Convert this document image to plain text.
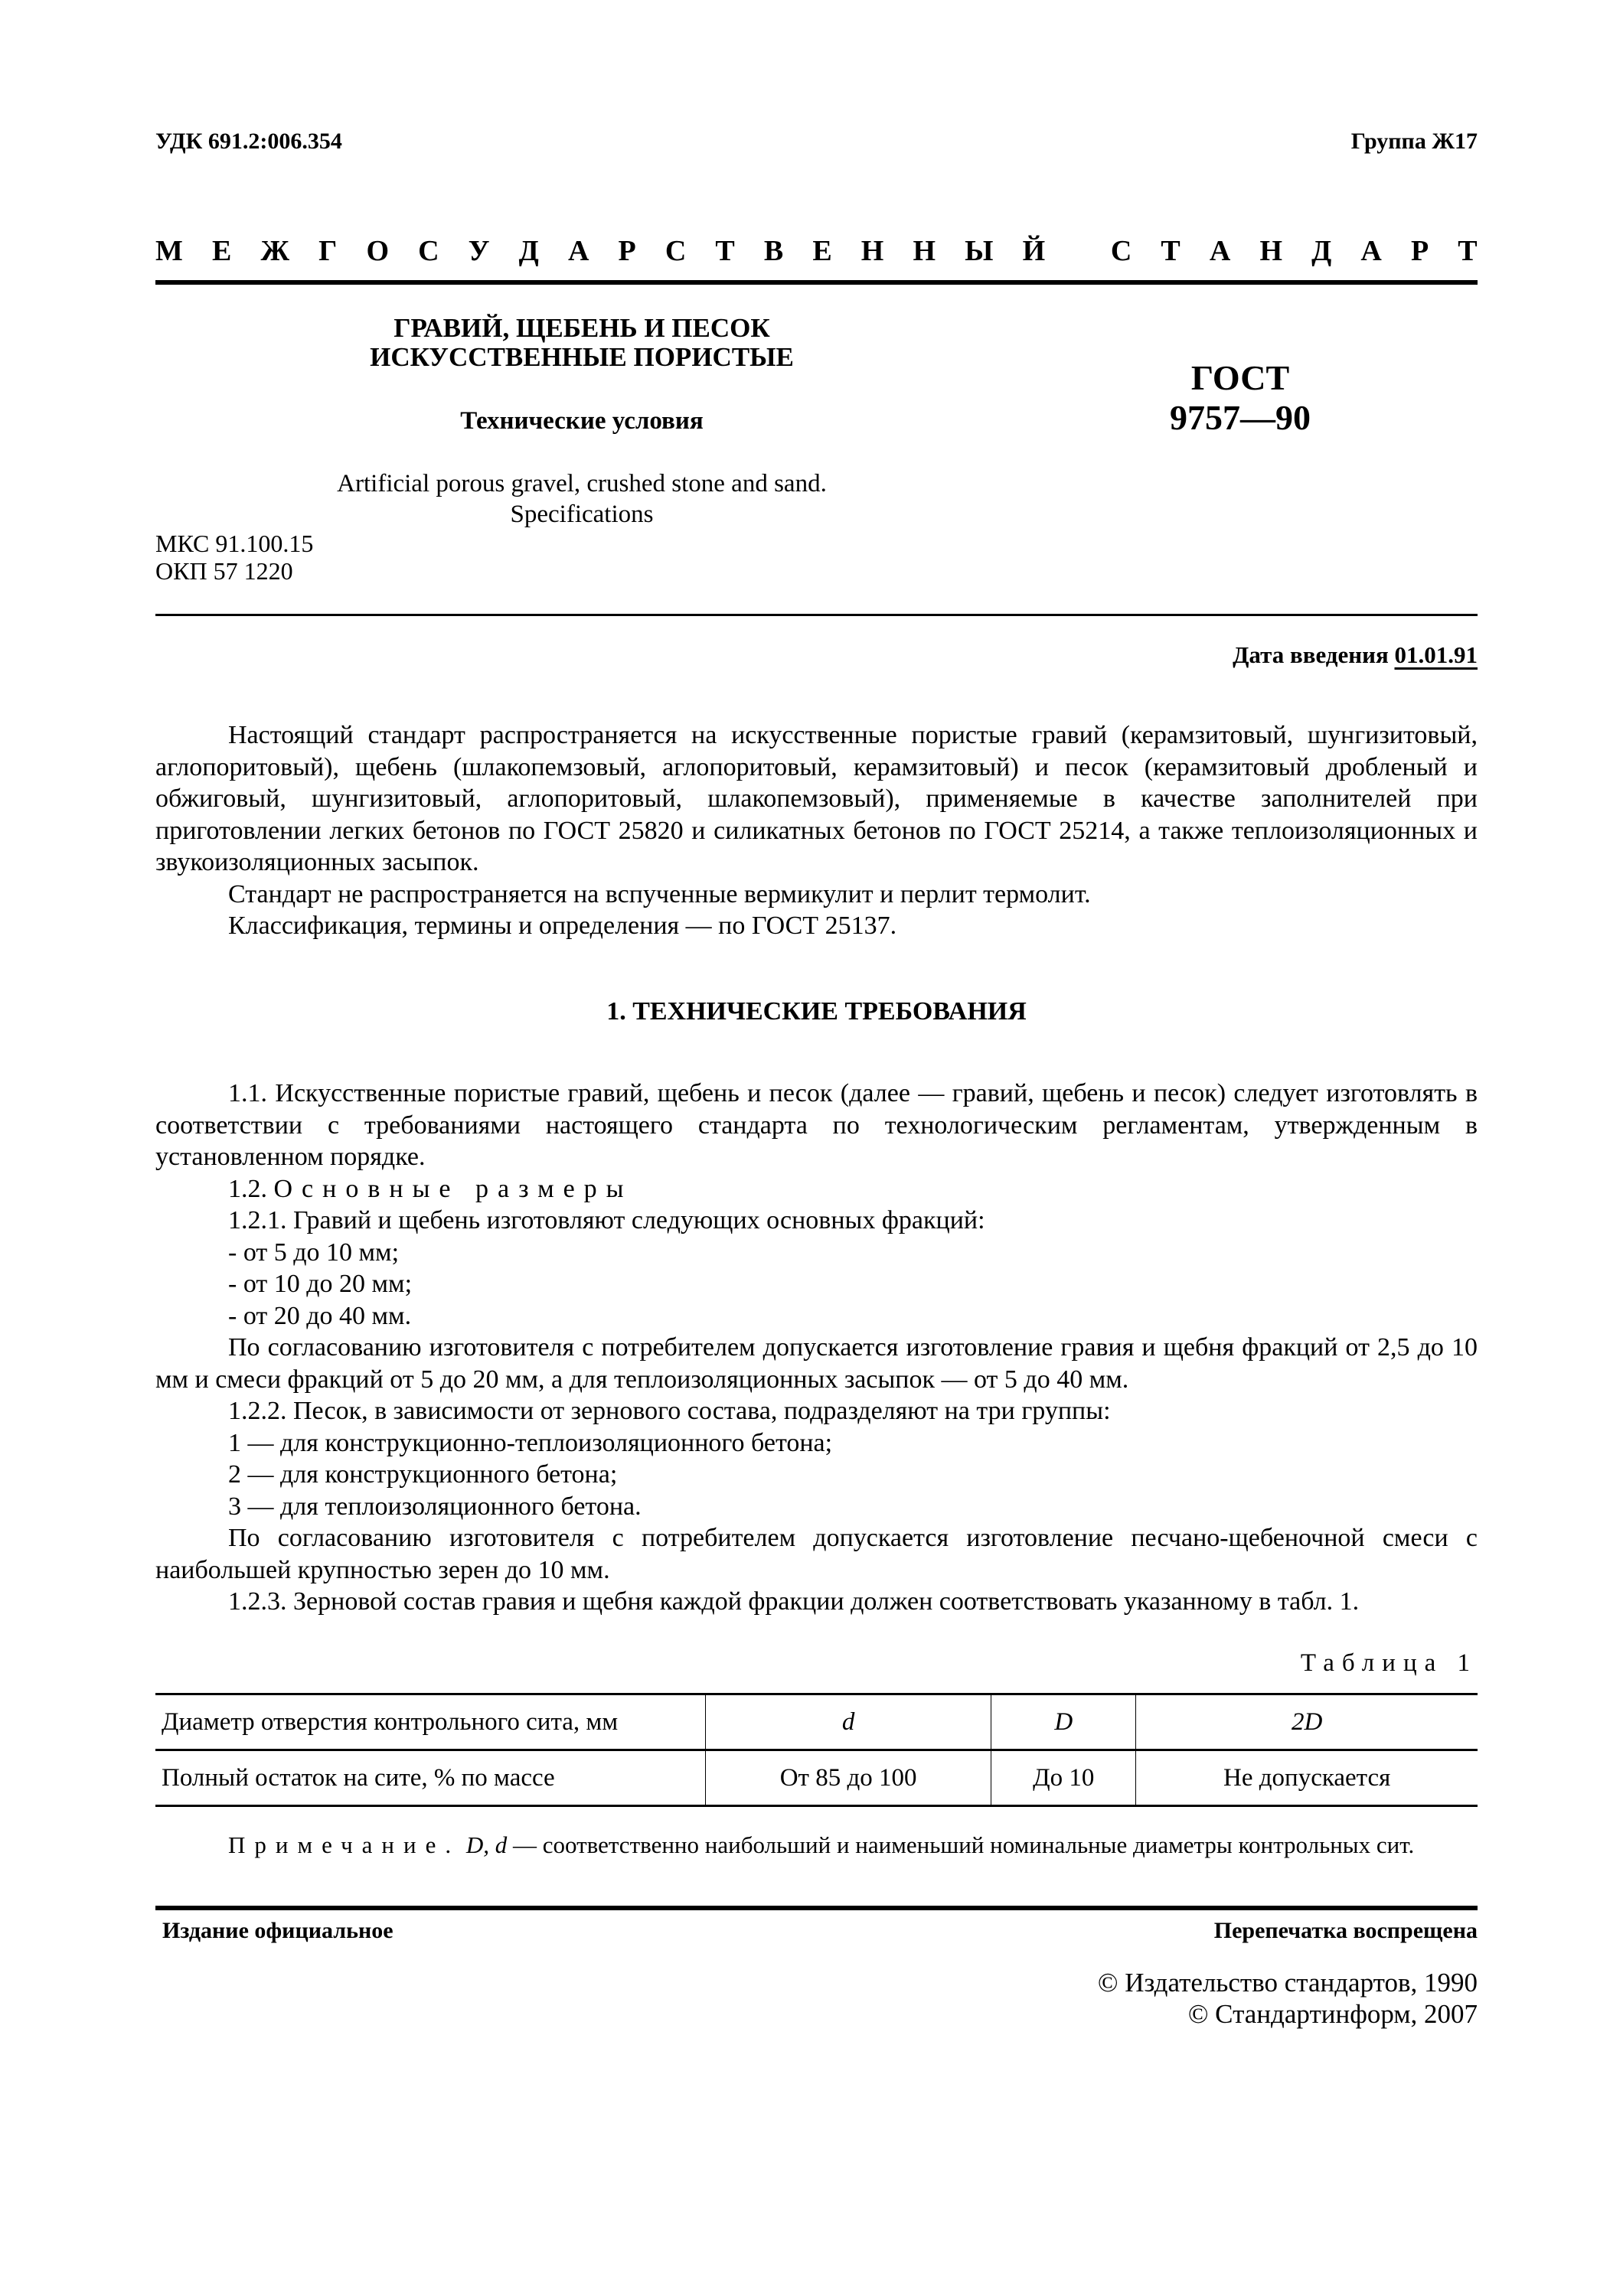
УДК 691.2:006.354	Группа Ж17
М Е Ж Г О С У Д А Р С Т В Е Н Н Ы Й
С Т А Н Д А Р Т
ГРАВИЙ, ЩЕБЕНЬ И ПЕСОК
ИСКУССТВЕННЫЕ ПОРИСТЫЕ
Технические условия
Artificial porous gravel, crushed stone and sand.
Specifications
ГОСТ
9757—90
МКС 91.100.15
ОКП 57 1220
Дата введения 01.01.91

Настоящий стандарт распространяется на искусственные пористые гравий (керамзитовый, шунгизитовый, аглопоритовый), щебень (шлакопемзовый, аглопоритовый, керамзитовый) и песок (керамзитовый дробленый и обжиговый, шунгизитовый, аглопоритовый, шлакопемзовый), применяемые в качестве заполнителей при приготовлении легких бетонов по ГОСТ 25820 и силикатных бетонов по ГОСТ 25214, а также теплоизоляционных и звукоизоляционных засыпок.

Стандарт не распространяется на вспученные вермикулит и перлит термолит.

Классификация, термины и определения — по ГОСТ 25137.

1. ТЕХНИЧЕСКИЕ ТРЕБОВАНИЯ

1.1. Искусственные пористые гравий, щебень и песок (далее — гравий, щебень и песок) следует изготовлять в соответствии с требованиями настоящего стандарта по технологическим регламентам, утвержденным в установленном порядке.

1.2. Основные размеры

1.2.1. Гравий и щебень изготовляют следующих основных фракций:

- от 5 до 10 мм;

- от 10 до 20 мм;

- от 20 до 40 мм.

По согласованию изготовителя с потребителем допускается изготовление гравия и щебня фракций от 2,5 до 10 мм и смеси фракций от 5 до 20 мм, а для теплоизоляционных засыпок — от 5 до 40 мм.

1.2.2. Песок, в зависимости от зернового состава, подразделяют на три группы:

1 — для конструкционно-теплоизоляционного бетона;

2 — для конструкционного бетона;

3 — для теплоизоляционного бетона.

По согласованию изготовителя с потребителем допускается изготовление песчано-щебеночной смеси с наибольшей крупностью зерен до 10 мм.

1.2.3. Зерновой состав гравия и щебня каждой фракции должен соответствовать указанному в табл. 1.

Таблица 1
Диаметр отверстия контрольного сита, мм	d	D	2D
Полный остаток на сите, % по массе	От 85 до 100	До 10	Не допускается

Примечание. D, d — соответственно наибольший и наименьший номинальные диаметры контрольных сит.

Издание официальное	Перепечатка воспрещена
© Издательство стандартов, 1990
© Стандартинформ, 2007
